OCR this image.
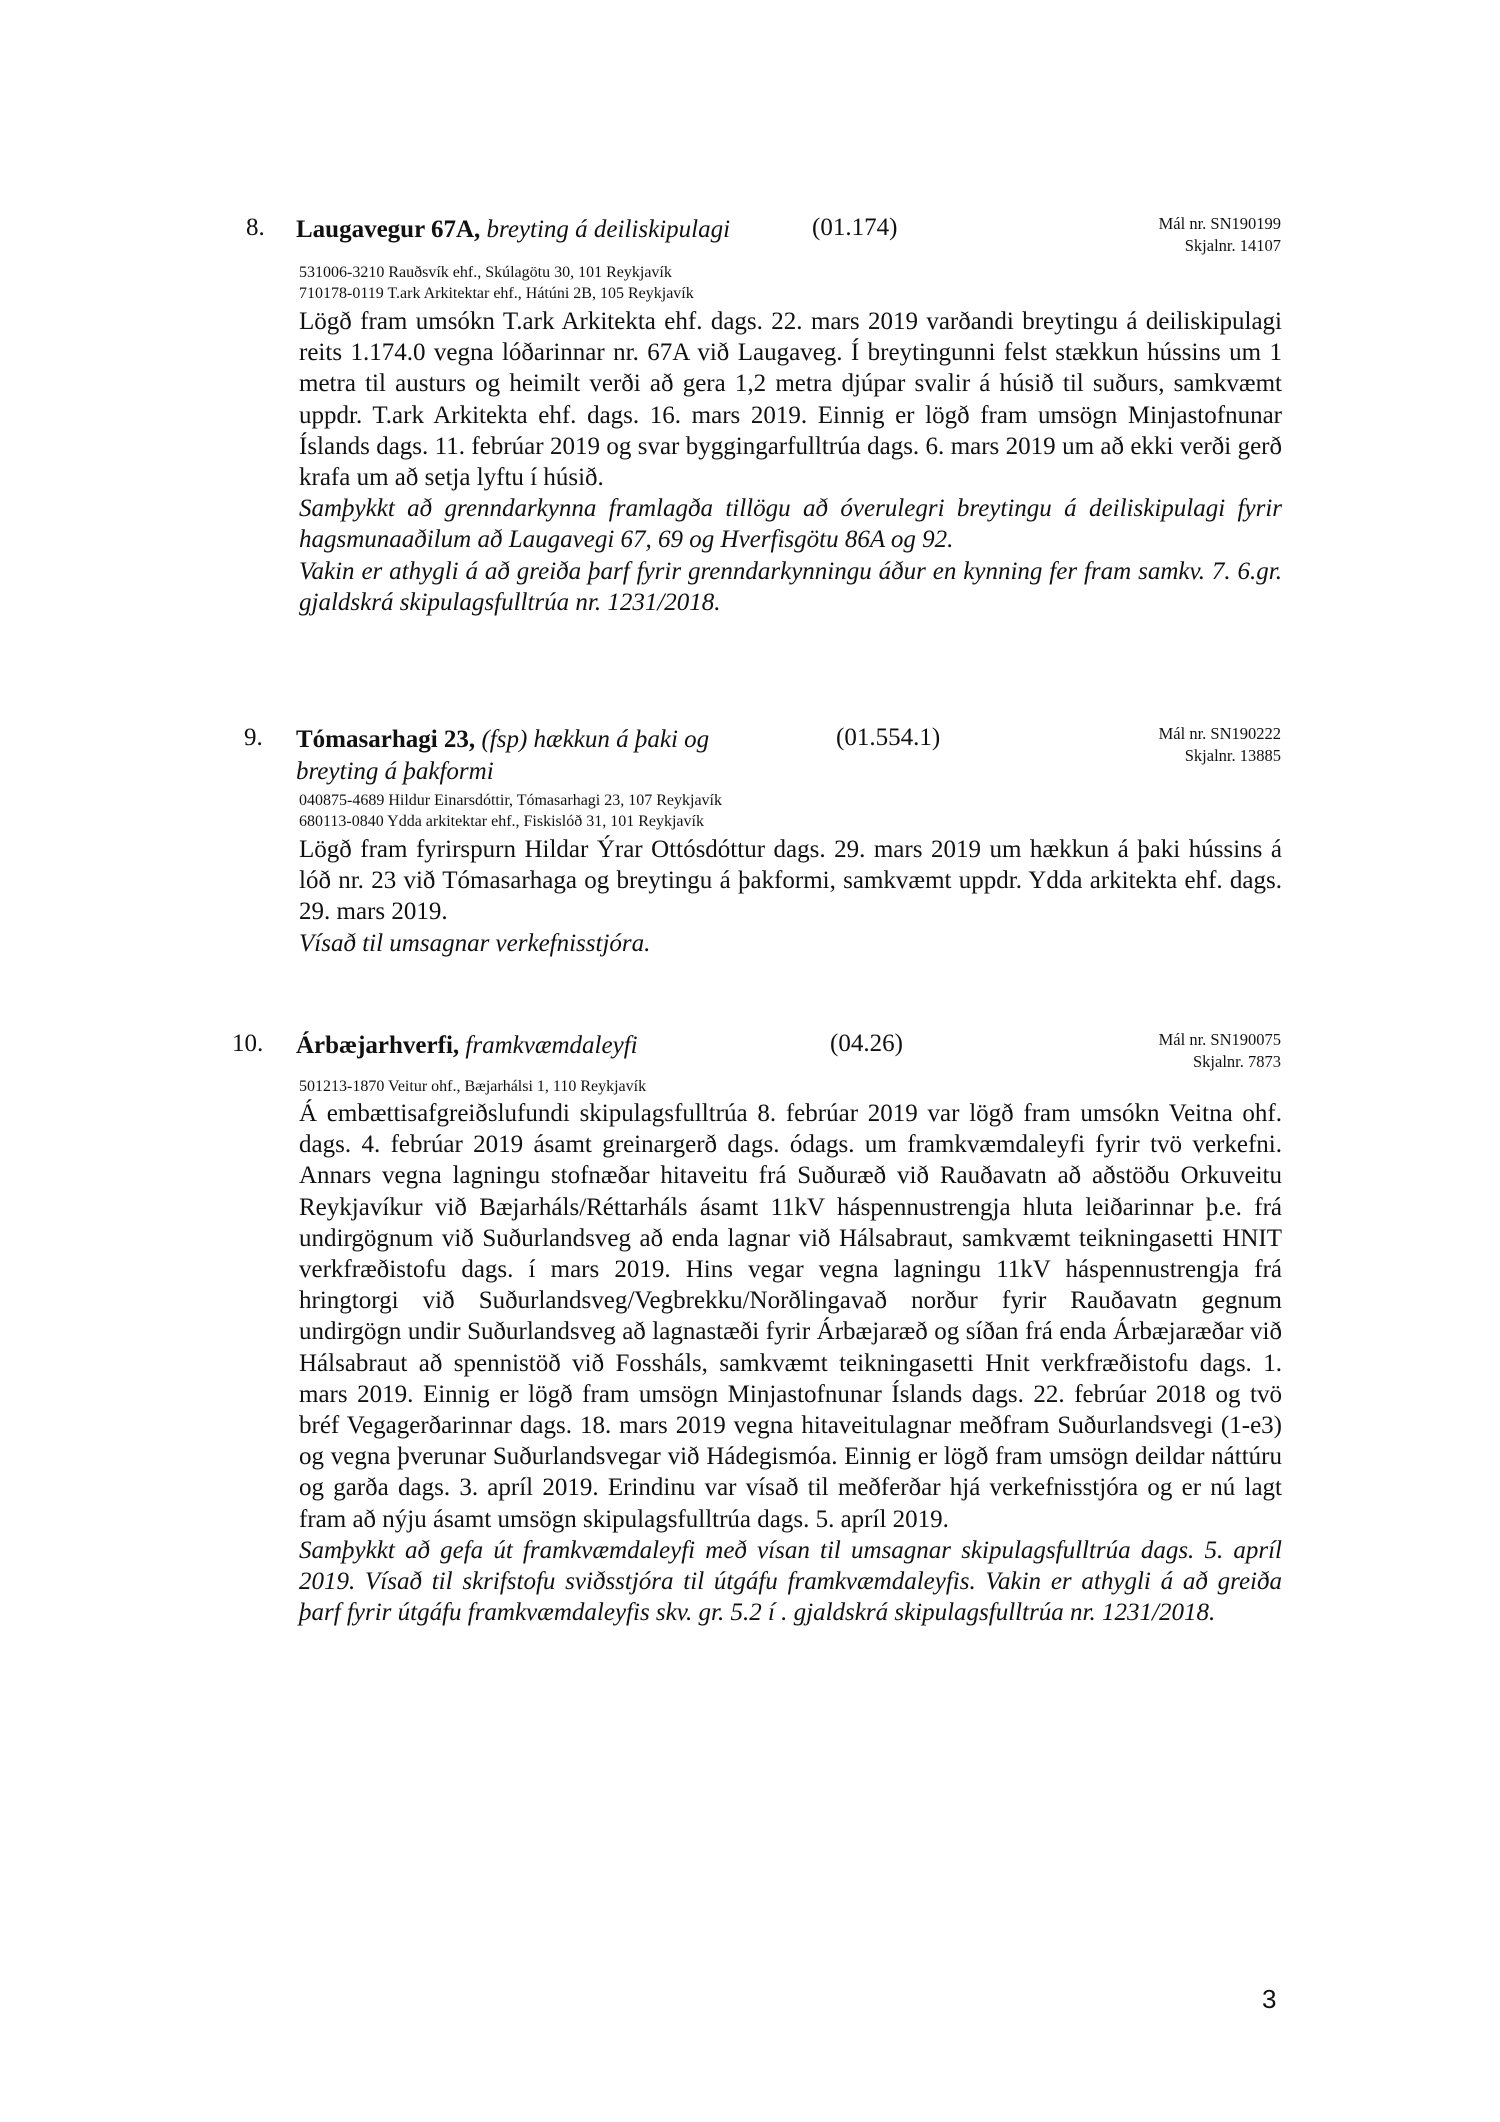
8. Laugavegur 67A, breyting á deiliskipulagi	(01.174)	Mál nr. SN190199
Skjalnr. 14107
531006-3210 Rauðsvík ehf., Skúlagötu 30, 101 Reykjavík
710178-0119 T.ark Arkitektar ehf., Hátúni 2B, 105 Reykjavík

Lögð fram umsókn T.ark Arkitekta ehf. dags. 22. mars 2019 varðandi breytingu á deiliskipulagi reits 1.174.0 vegna lóðarinnar nr. 67A við Laugaveg. Í breytingunni felst stækkun hússins um 1 metra til austurs og heimilt verði að gera 1,2 metra djúpar svalir á húsið til suðurs, samkvæmt uppdr. T.ark Arkitekta ehf. dags. 16. mars 2019. Einnig er lögð fram umsögn Minjastofnunar Íslands dags. 11. febrúar 2019 og svar byggingarfulltrúa dags. 6. mars 2019 um að ekki verði gerð krafa um að setja lyftu í húsið.

Samþykkt að grenndarkynna framlagða tillögu að óverulegri breytingu á deiliskipulagi fyrir hagsmunaaðilum að Laugavegi 67, 69 og Hverfisgötu 86A og 92.

Vakin er athygli á að greiða þarf fyrir grenndarkynningu áður en kynning fer fram samkv. 7. 6.gr. gjaldskrá skipulagsfulltrúa nr. 1231/2018.

9. Tómasarhagi 23, (fsp) hækkun á þaki og
breyting á þakformi
(01.554.1)	Mál nr. SN190222
Skjalnr. 13885
040875-4689 Hildur Einarsdóttir, Tómasarhagi 23, 107 Reykjavík
680113-0840 Ydda arkitektar ehf., Fiskislóð 31, 101 Reykjavík

Lögð fram fyrirspurn Hildar Ýrar Ottósdóttur dags. 29. mars 2019 um hækkun á þaki hússins á lóð nr. 23 við Tómasarhaga og breytingu á þakformi, samkvæmt uppdr. Ydda arkitekta ehf. dags. 29. mars 2019.

Vísað til umsagnar verkefnisstjóra.

10. Árbæjarhverfi, framkvæmdaleyfi	(04.26)	Mál nr. SN190075
Skjalnr. 7873
501213-1870 Veitur ohf., Bæjarhálsi 1, 110 Reykjavík

Á embættisafgreiðslufundi skipulagsfulltrúa 8. febrúar 2019 var lögð fram umsókn Veitna ohf. dags. 4. febrúar 2019 ásamt greinargerð dags. ódags. um framkvæmdaleyfi fyrir tvö verkefni. Annars vegna lagningu stofnæðar hitaveitu frá Suðuræð við Rauðavatn að aðstöðu Orkuveitu Reykjavíkur við Bæjarháls/Réttarháls ásamt 11kV háspennustrengja hluta leiðarinnar þ.e. frá undirgögnum við Suðurlandsveg að enda lagnar við Hálsabraut, samkvæmt teikningasetti HNIT verkfræðistofu dags. í mars 2019. Hins vegar vegna lagningu 11kV háspennustrengja frá hringtorgi við Suðurlandsveg/Vegbrekku/Norðlingavað norður fyrir Rauðavatn gegnum undirgögn undir Suðurlandsveg að lagnastæði fyrir Árbæjaræð og síðan frá enda Árbæjaræðar við Hálsabraut að spennistöð við Fossháls, samkvæmt teikningasetti Hnit verkfræðistofu dags. 1. mars 2019. Einnig er lögð fram umsögn Minjastofnunar Íslands dags. 22. febrúar 2018 og tvö bréf Vegagerðarinnar dags. 18. mars 2019 vegna hitaveitulagnar meðfram Suðurlandsvegi (1-e3) og vegna þverunar Suðurlandsvegar við Hádegismóa. Einnig er lögð fram umsögn deildar náttúru og garða dags. 3. apríl 2019. Erindinu var vísað til meðferðar hjá verkefnisstjóra og er nú lagt fram að nýju ásamt umsögn skipulagsfulltrúa dags. 5. apríl 2019.

Samþykkt að gefa út framkvæmdaleyfi með vísan til umsagnar skipulagsfulltrúa dags. 5. apríl 2019. Vísað til skrifstofu sviðsstjóra til útgáfu framkvæmdaleyfis. Vakin er athygli á að greiða þarf fyrir útgáfu framkvæmdaleyfis skv. gr. 5.2 í . gjaldskrá skipulagsfulltrúa nr. 1231/2018.

3
